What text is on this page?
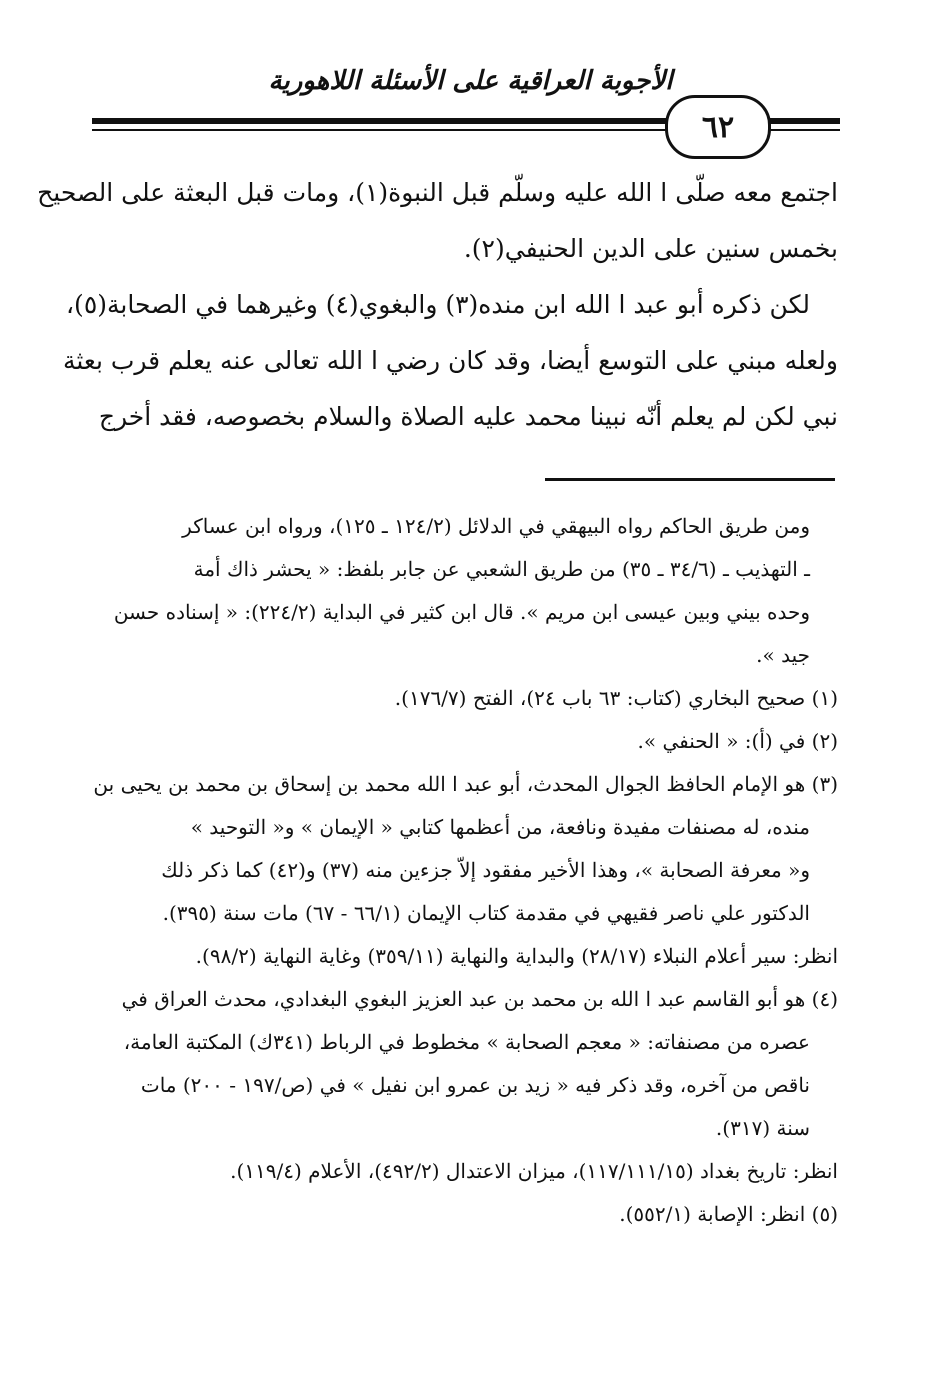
الأجوبة العراقية على الأسئلة اللاهورية
٦٢
اجتمع معه صلّى ا الله عليه وسلّم قبل النبوة(١)، ومات قبل البعثة على الصحيح
بخمس سنين على الدين الحنيفي(٢).
لكن ذكره أبو عبد ا الله ابن منده(٣) والبغوي(٤) وغيرهما في الصحابة(٥)،
ولعله مبني على التوسع أيضا، وقد كان رضي ا الله تعالى عنه يعلم قرب بعثة
نبي لكن لم يعلم أنّه نبينا محمد عليه الصلاة والسلام بخصوصه، فقد أخرج
ومن طريق الحاكم رواه البيهقي في الدلائل (١٢٤/٢ ـ ١٢٥)، ورواه ابن عساكر
ـ التهذيب ـ (٣٤/٦ ـ ٣٥) من طريق الشعبي عن جابر بلفظ: « يحشر ذاك أمة
وحده بيني وبين عيسى ابن مريم ». قال ابن كثير في البداية (٢٢٤/٢): « إسناده حسن
جيد ».
(١) صحيح البخاري (كتاب: ٦٣ باب ٢٤)، الفتح (١٧٦/٧).
(٢) في (أ): « الحنفي ».
(٣) هو الإمام الحافظ الجوال المحدث، أبو عبد ا الله محمد بن إسحاق بن محمد بن يحيى بن
منده، له مصنفات مفيدة ونافعة، من أعظمها كتابي « الإيمان » و« التوحيد »
و« معرفة الصحابة »، وهذا الأخير مفقود إلاّ جزءين منه (٣٧) و(٤٢) كما ذكر ذلك
الدكتور علي ناصر فقيهي في مقدمة كتاب الإيمان (٦٦/١ - ٦٧) مات سنة (٣٩٥).
انظر: سير أعلام النبلاء (٢٨/١٧) والبداية والنهاية (٣٥٩/١١) وغاية النهاية (٩٨/٢).
(٤) هو أبو القاسم عبد ا الله بن محمد بن عبد العزيز البغوي البغدادي، محدث العراق في
عصره من مصنفاته: « معجم الصحابة » مخطوط في الرباط (٣٤١ك) المكتبة العامة،
ناقص من آخره، وقد ذكر فيه « زيد بن عمرو ابن نفيل » في (ص/١٩٧ - ٢٠٠) مات
سنة (٣١٧).
انظر: تاريخ بغداد (١١٧/١١١/١٥)، ميزان الاعتدال (٤٩٢/٢)، الأعلام (١١٩/٤).
(٥) انظر: الإصابة (٥٥٢/١).
